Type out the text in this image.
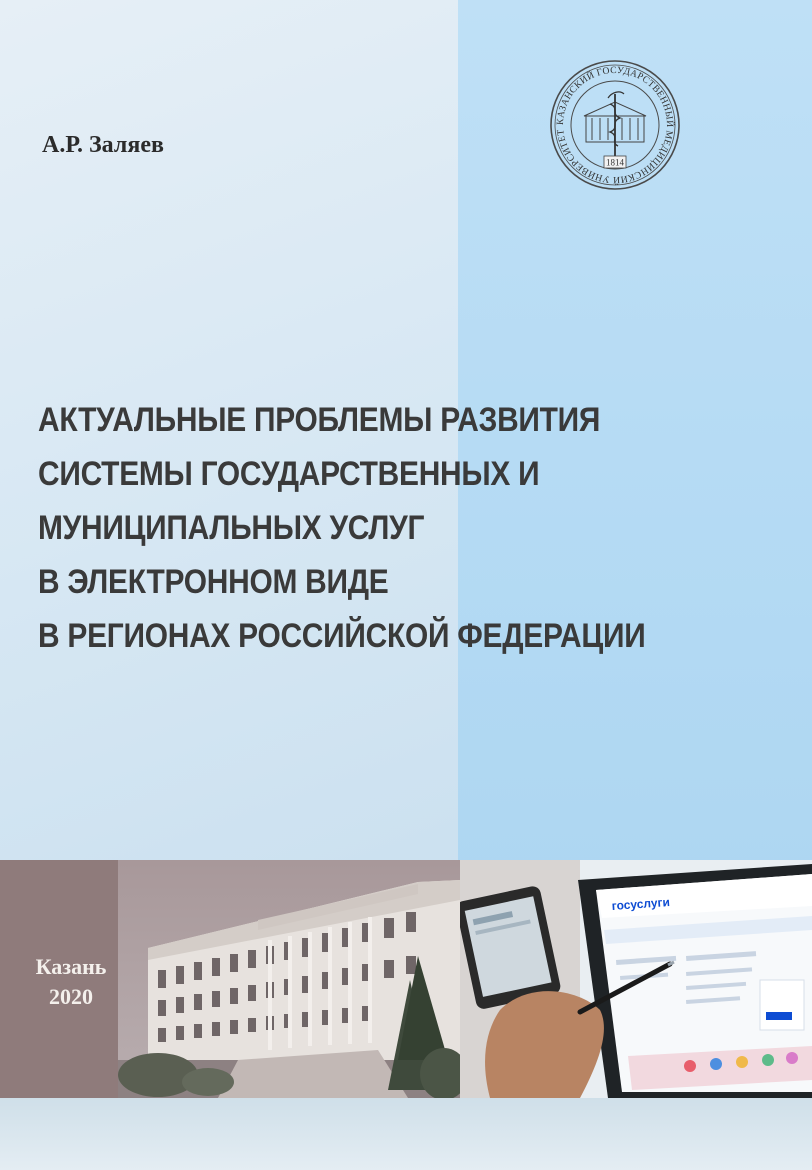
А.Р. Заляев

КАЗАНСКИЙ ГОСУДАРСТВЕННЫЙ МЕДИЦИНСКИЙ УНИВЕРСИТЕТ
1814
АКТУАЛЬНЫЕ ПРОБЛЕМЫ РАЗВИТИЯ
СИСТЕМЫ ГОСУДАРСТВЕННЫХ И
МУНИЦИПАЛЬНЫХ УСЛУГ
В ЭЛЕКТРОННОМ ВИДЕ
В РЕГИОНАХ РОССИЙСКОЙ ФЕДЕРАЦИИ
госуслуги
Казань
2020
